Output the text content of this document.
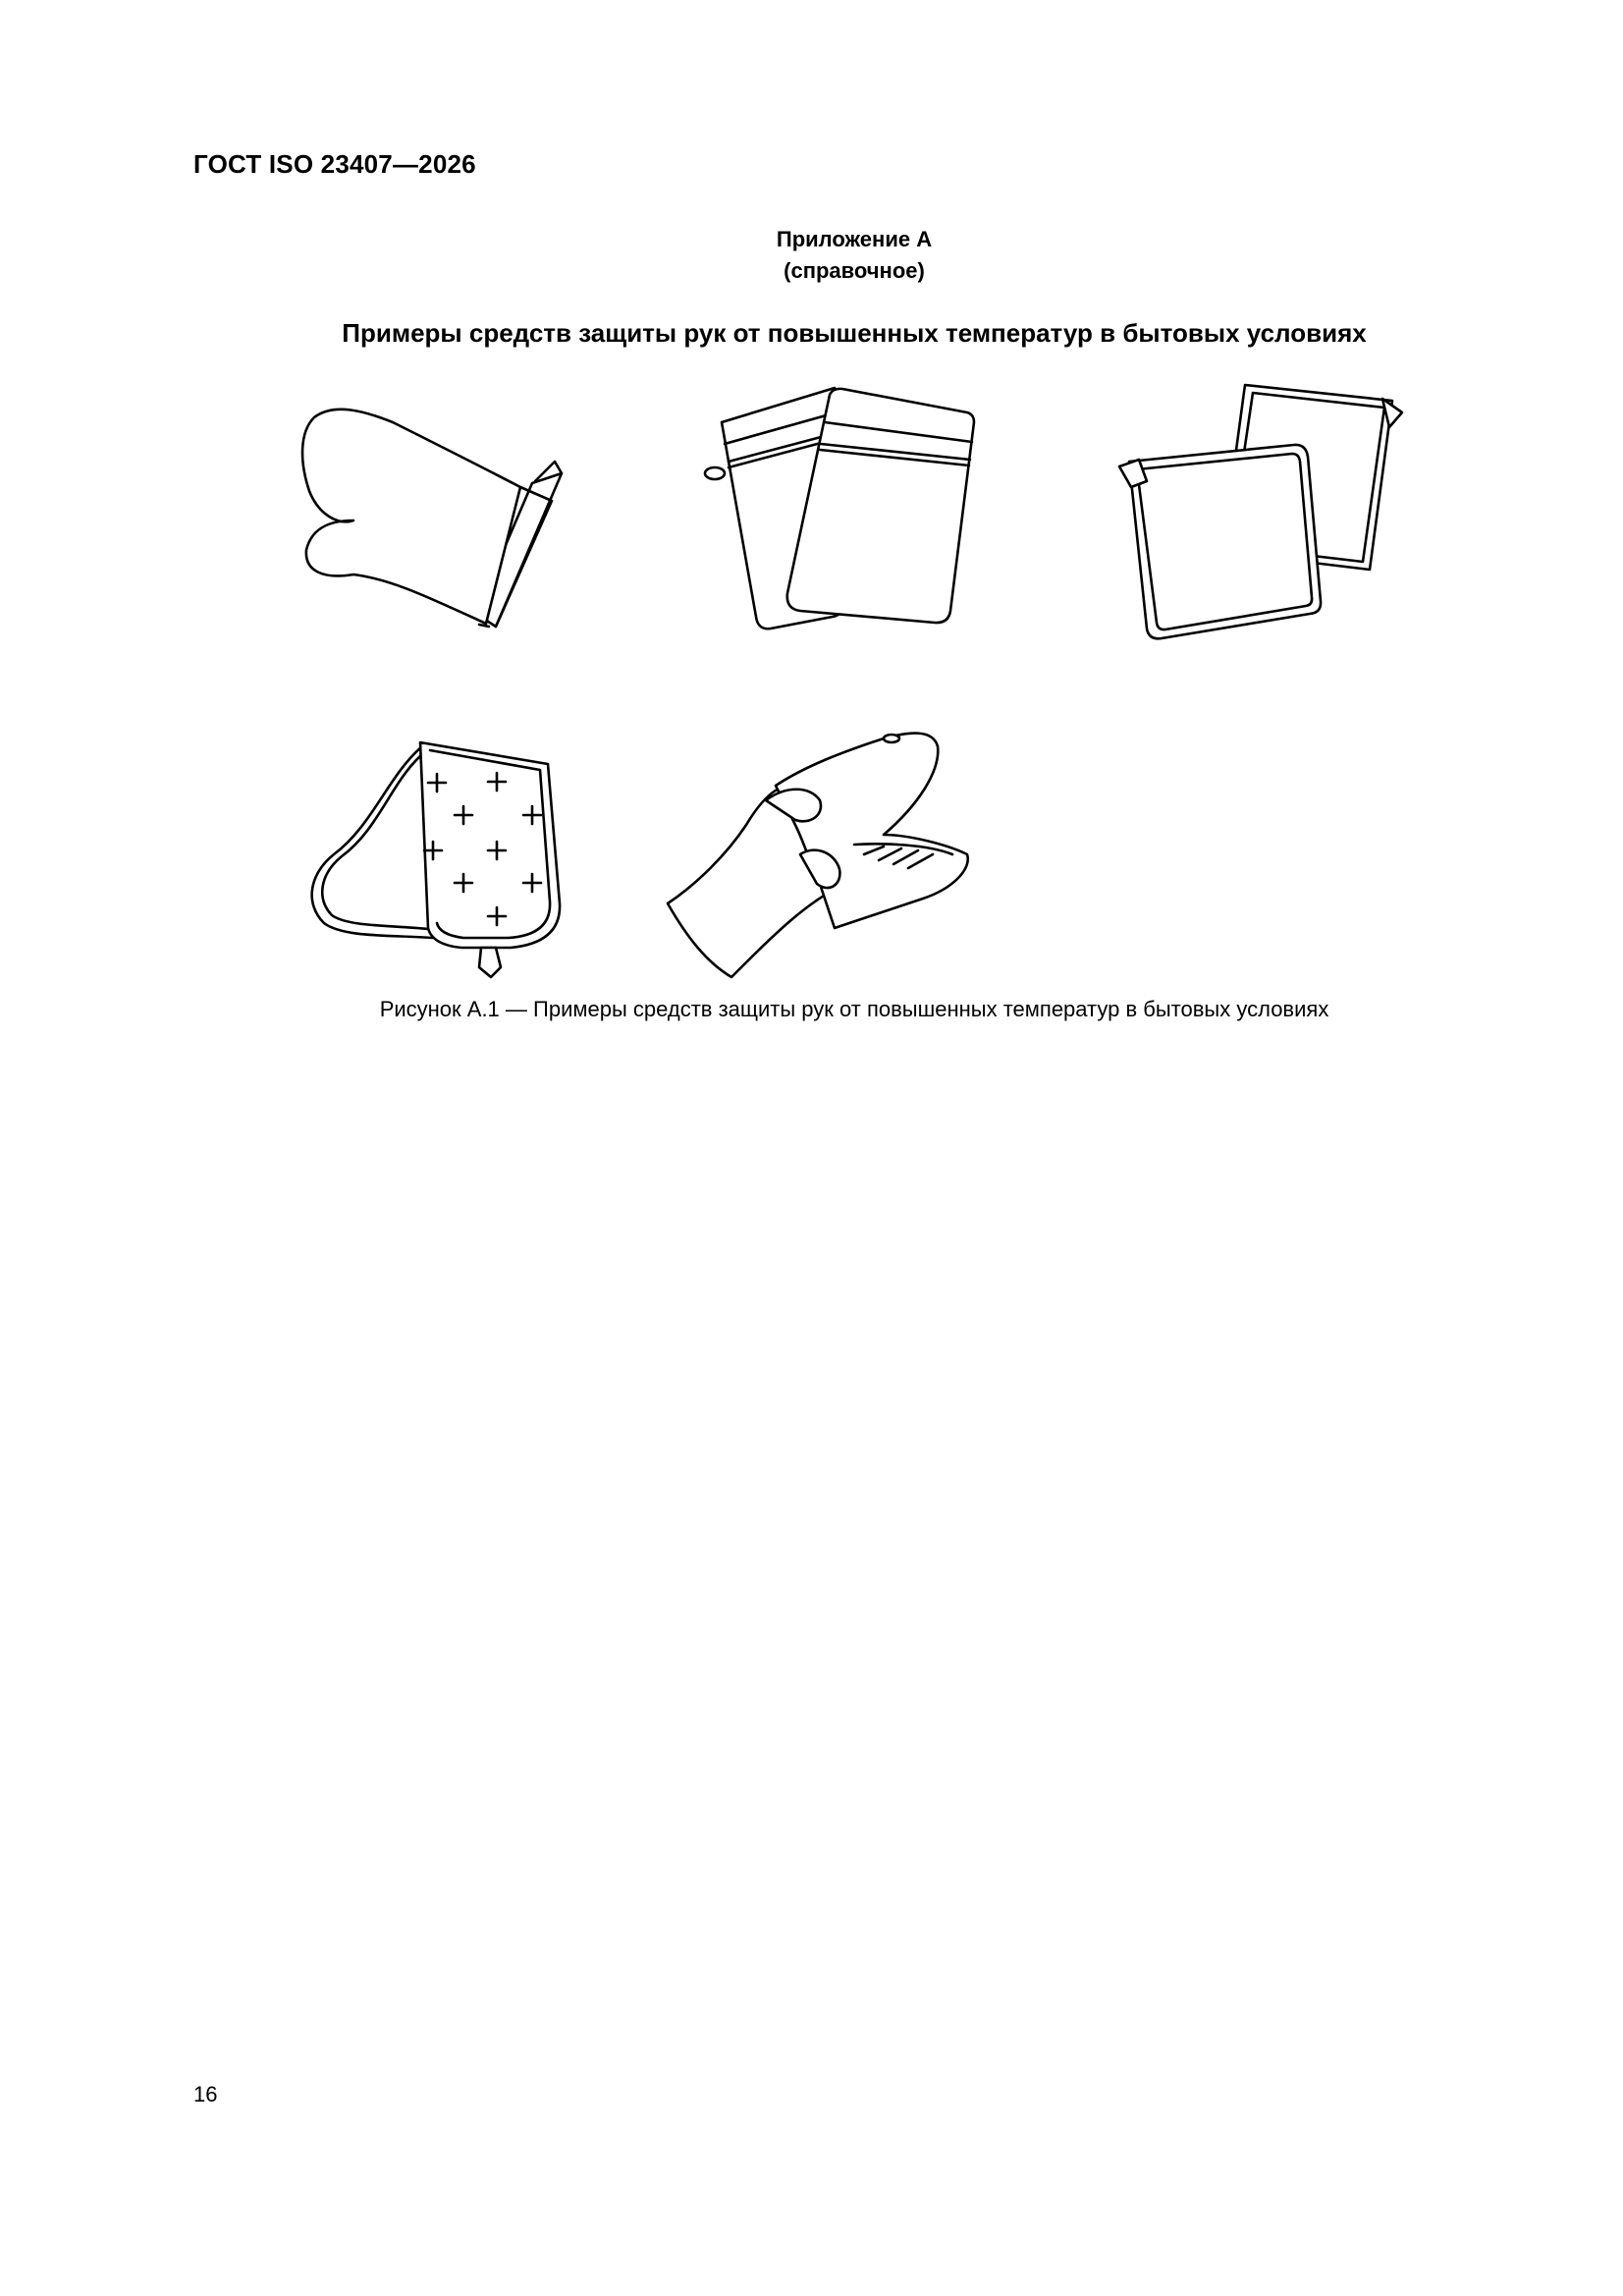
ГОСТ ISO 23407—2026
Приложение А
(справочное)
Примеры средств защиты рук от повышенных температур в бытовых условиях
Рисунок А.1 — Примеры средств защиты рук от повышенных температур в бытовых условиях
16
